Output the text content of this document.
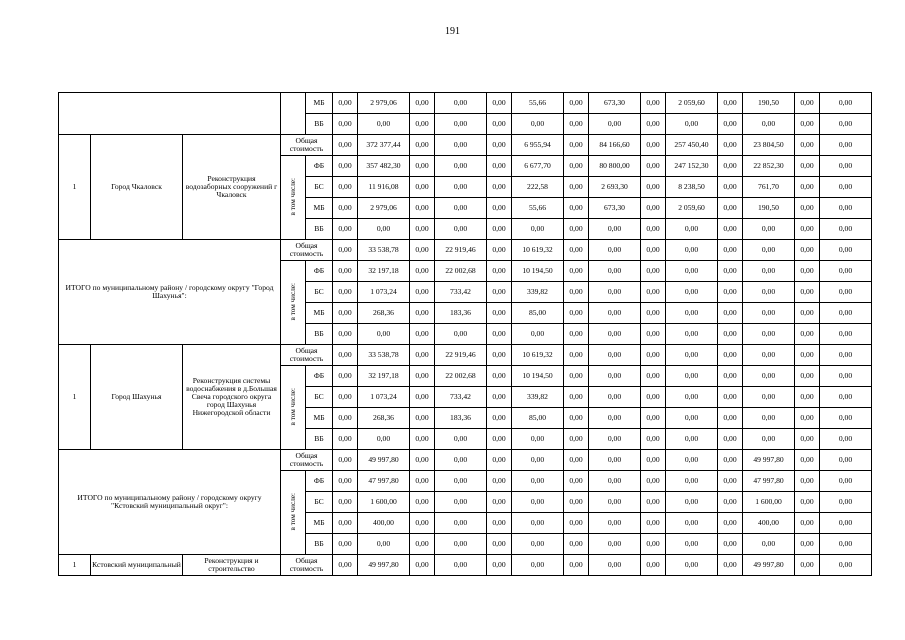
191
				МБ	0,00	2 979,06	0,00	0,00	0,00	55,66	0,00	673,30	0,00	2 059,60	0,00	190,50	0,00	0,00
				ВБ	0,00	0,00	0,00	0,00	0,00	0,00	0,00	0,00	0,00	0,00	0,00	0,00	0,00	0,00
1	Город Чкаловск	Реконструкция водозаборных сооружений г Чкаловск	Общая стоимость		0,00	372 377,44	0,00	0,00	0,00	6 955,94	0,00	84 166,60	0,00	257 450,40	0,00	23 804,50	0,00	0,00
			в том числе:	ФБ	0,00	357 482,30	0,00	0,00	0,00	6 677,70	0,00	80 800,00	0,00	247 152,30	0,00	22 852,30	0,00	0,00
				БС	0,00	11 916,08	0,00	0,00	0,00	222,58	0,00	2 693,30	0,00	8 238,50	0,00	761,70	0,00	0,00
				МБ	0,00	2 979,06	0,00	0,00	0,00	55,66	0,00	673,30	0,00	2 059,60	0,00	190,50	0,00	0,00
				ВБ	0,00	0,00	0,00	0,00	0,00	0,00	0,00	0,00	0,00	0,00	0,00	0,00	0,00	0,00
ИТОГО по муниципальному району / городскому округу "Город Шахунья":			Общая стоимость		0,00	33 538,78	0,00	22 919,46	0,00	10 619,32	0,00	0,00	0,00	0,00	0,00	0,00	0,00	0,00
			в том числе:	ФБ	0,00	32 197,18	0,00	22 002,68	0,00	10 194,50	0,00	0,00	0,00	0,00	0,00	0,00	0,00	0,00
				БС	0,00	1 073,24	0,00	733,42	0,00	339,82	0,00	0,00	0,00	0,00	0,00	0,00	0,00	0,00
				МБ	0,00	268,36	0,00	183,36	0,00	85,00	0,00	0,00	0,00	0,00	0,00	0,00	0,00	0,00
				ВБ	0,00	0,00	0,00	0,00	0,00	0,00	0,00	0,00	0,00	0,00	0,00	0,00	0,00	0,00
1	Город Шахунья	Реконструкция системы водоснабжения в д.Большая Свеча городского округа город Шахунья Нижегородской области	Общая стоимость		0,00	33 538,78	0,00	22 919,46	0,00	10 619,32	0,00	0,00	0,00	0,00	0,00	0,00	0,00	0,00
			в том числе:	ФБ	0,00	32 197,18	0,00	22 002,68	0,00	10 194,50	0,00	0,00	0,00	0,00	0,00	0,00	0,00	0,00
				БС	0,00	1 073,24	0,00	733,42	0,00	339,82	0,00	0,00	0,00	0,00	0,00	0,00	0,00	0,00
				МБ	0,00	268,36	0,00	183,36	0,00	85,00	0,00	0,00	0,00	0,00	0,00	0,00	0,00	0,00
				ВБ	0,00	0,00	0,00	0,00	0,00	0,00	0,00	0,00	0,00	0,00	0,00	0,00	0,00	0,00
ИТОГО по муниципальному району / городскому округу "Кстовский муниципальный округ":			Общая стоимость		0,00	49 997,80	0,00	0,00	0,00	0,00	0,00	0,00	0,00	0,00	0,00	49 997,80	0,00	0,00
			в том числе:	ФБ	0,00	47 997,80	0,00	0,00	0,00	0,00	0,00	0,00	0,00	0,00	0,00	47 997,80	0,00	0,00
				БС	0,00	1 600,00	0,00	0,00	0,00	0,00	0,00	0,00	0,00	0,00	0,00	1 600,00	0,00	0,00
				МБ	0,00	400,00	0,00	0,00	0,00	0,00	0,00	0,00	0,00	0,00	0,00	400,00	0,00	0,00
				ВБ	0,00	0,00	0,00	0,00	0,00	0,00	0,00	0,00	0,00	0,00	0,00	0,00	0,00	0,00
1	Кстовский муниципальный	Реконструкция и строительство	Общая стоимость		0,00	49 997,80	0,00	0,00	0,00	0,00	0,00	0,00	0,00	0,00	0,00	49 997,80	0,00	0,00
